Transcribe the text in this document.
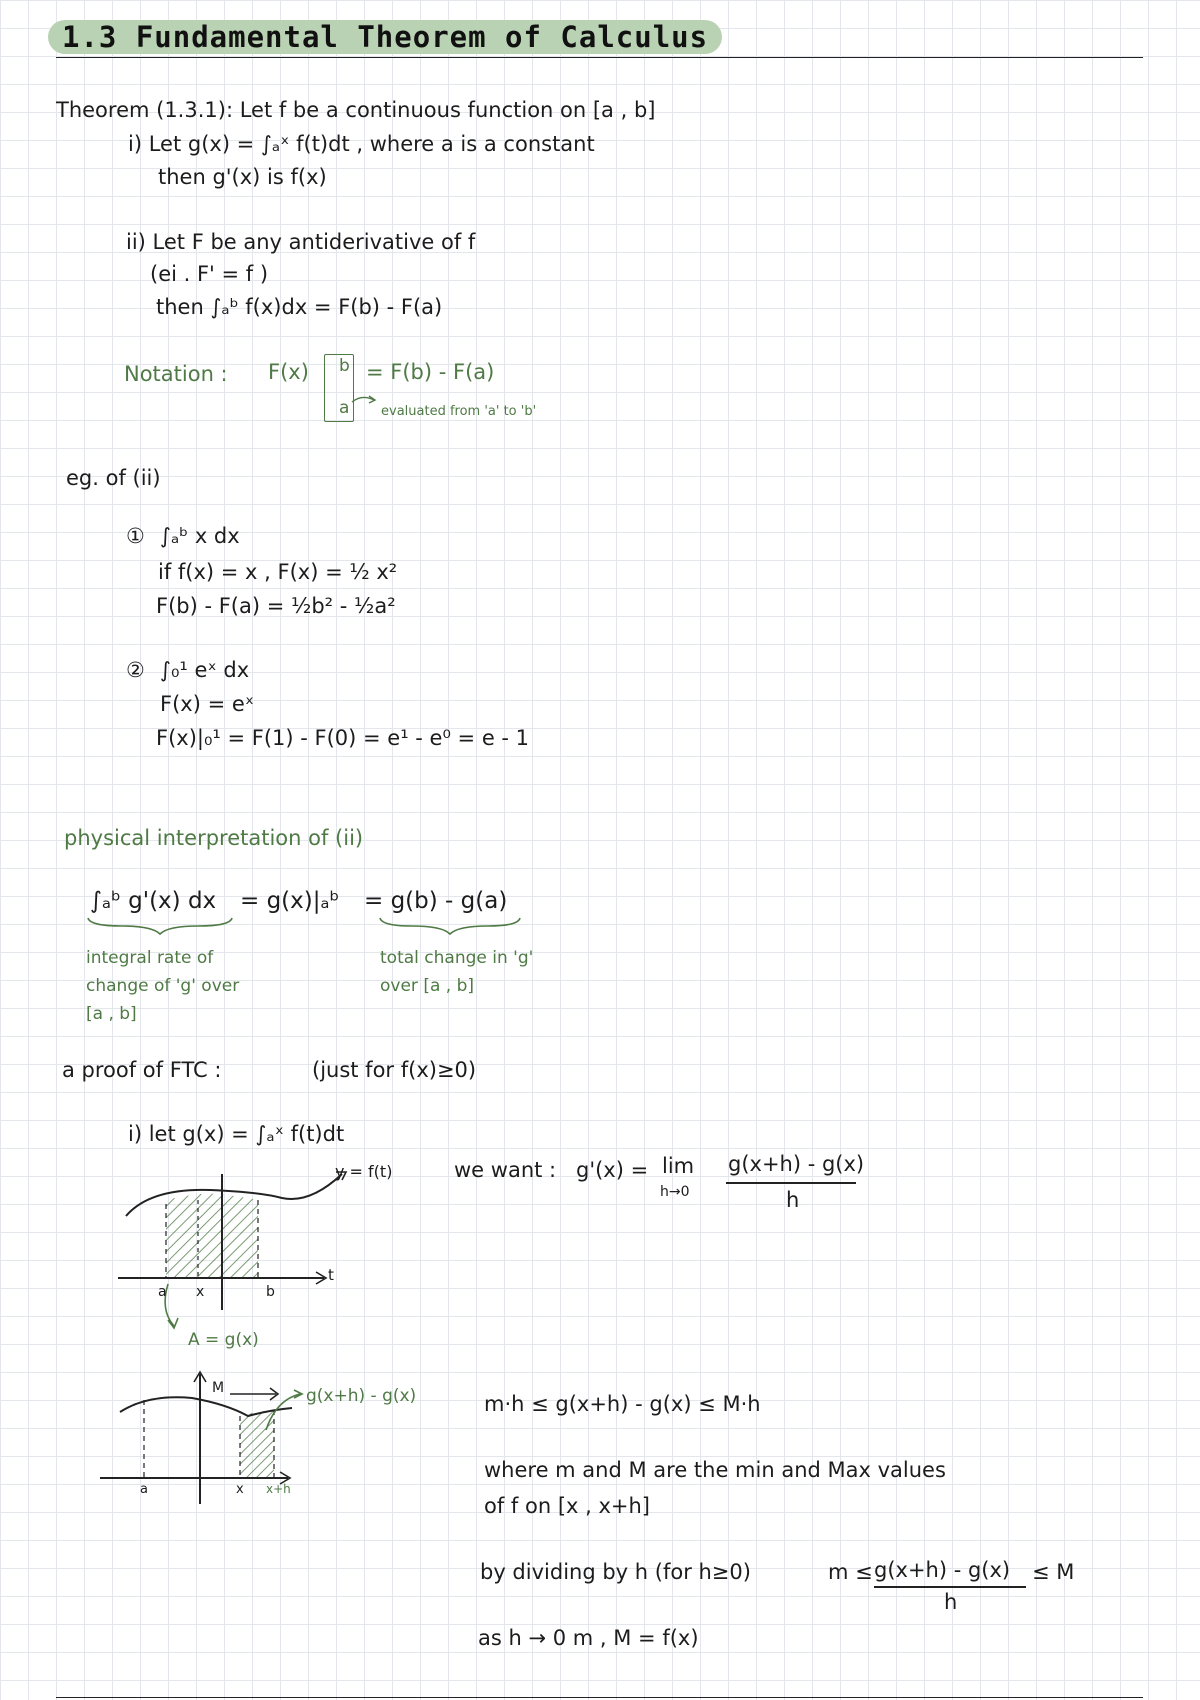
1.3 Fundamental Theorem of Calculus
Theorem (1.3.1): Let f be a continuous function on [a , b]
i) Let g(x) = ∫ₐˣ f(t)dt , where a is a constant
then g'(x) is f(x)
ii) Let F be any antiderivative of f
(ei . F' = f )
then ∫ₐᵇ f(x)dx = F(b) - F(a)
Notation : F(x) b
a
= F(b) - F(a)
evaluated from 'a' to 'b'
eg. of (ii)
① ∫ₐᵇ x dx
if f(x) = x , F(x) = ½ x²
F(b) - F(a) = ½b² - ½a²
② ∫₀¹ eˣ dx
F(x) = eˣ
F(x)|₀¹ = F(1) - F(0) = e¹ - e⁰ = e - 1
physical interpretation of (ii)
∫ₐᵇ g'(x) dx = g(x)|ₐᵇ = g(b) - g(a)
integral rate of
change of 'g' over
[a , b]
total change in 'g'
over [a , b]
a proof of FTC :	(just for f(x)≥0)
i) let g(x) = ∫ₐˣ f(t)dt
we want : g'(x) = lim
h→0
g(x+h) - g(x)
h
y = f(t)
t
a x	b
A = g(x)
M	g(x+h) - g(x)
a	x x+h
m·h ≤ g(x+h) - g(x) ≤ M·h
where m and M are the min and Max values
of f on [x , x+h]
by dividing by h (for h≥0)	m ≤ g(x+h) - g(x)
h
≤ M
as h → 0 m , M = f(x)
